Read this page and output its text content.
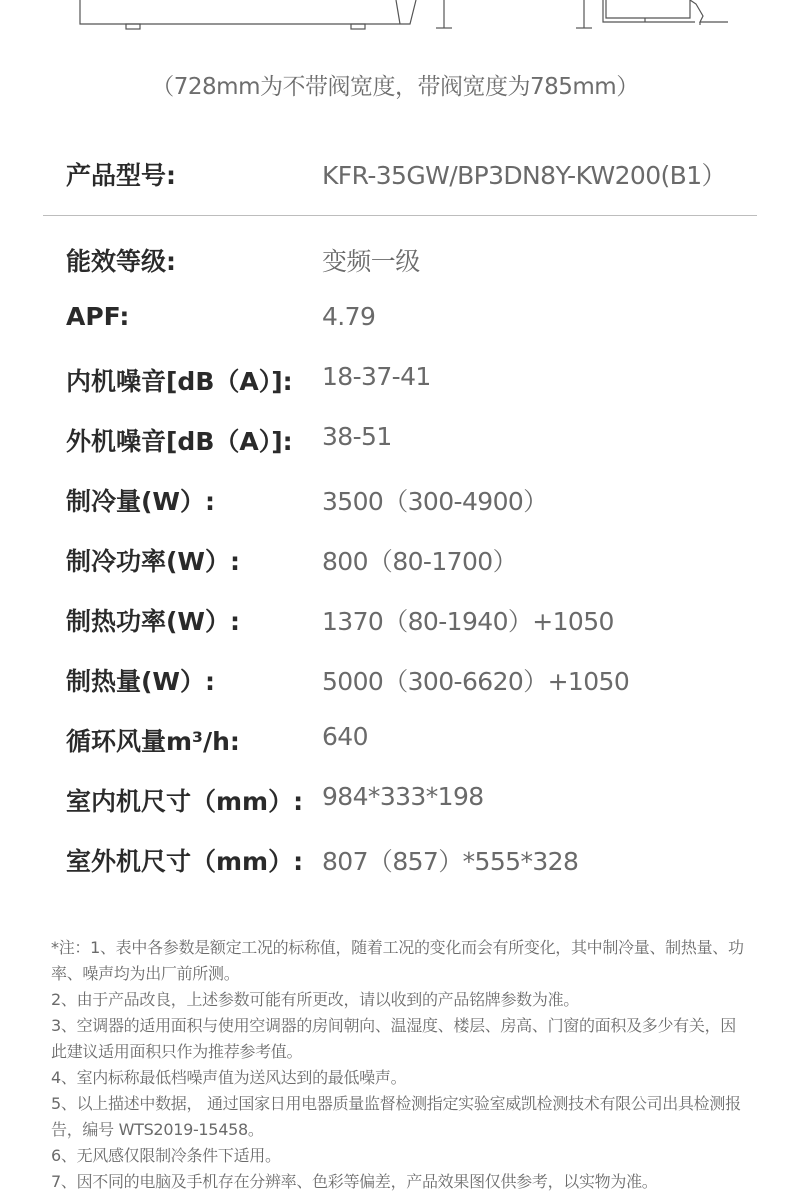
（728mm为不带阀宽度，带阀宽度为785mm）
产品型号:	KFR-35GW/BP3DN8Y-KW200(B1）
能效等级:	变频一级
APF:	4.79
内机噪音[dB（A）]: 18-37-41
外机噪音[dB（A）]: 38-51
制冷量(W）:	3500（300-4900）
制冷功率(W）:	800（80-1700）
制热功率(W）:	1370（80-1940）+1050
制热量(W）:	5000（300-6620）+1050
循环风量m³/h:	640
室内机尺寸（mm）: 984*333*198
室外机尺寸（mm）: 807（857）*555*328

*注：1、表中各参数是额定工况的标称值，随着工况的变化而会有所变化，其中制冷量、制热量、功率、噪声均为出厂前所测。

2、由于产品改良，上述参数可能有所更改，请以收到的产品铭牌参数为准。

3、空调器的适用面积与使用空调器的房间朝向、温湿度、楼层、房高、门窗的面积及多少有关，因此建议适用面积只作为推荐参考值。

4、室内标称最低档噪声值为送风达到的最低噪声。

5、以上描述中数据， 通过国家日用电器质量监督检测指定实验室威凯检测技术有限公司出具检测报告，编号 WTS2019-15458。

6、无风感仅限制冷条件下适用。

7、因不同的电脑及手机存在分辨率、色彩等偏差，产品效果图仅供参考，以实物为准。
